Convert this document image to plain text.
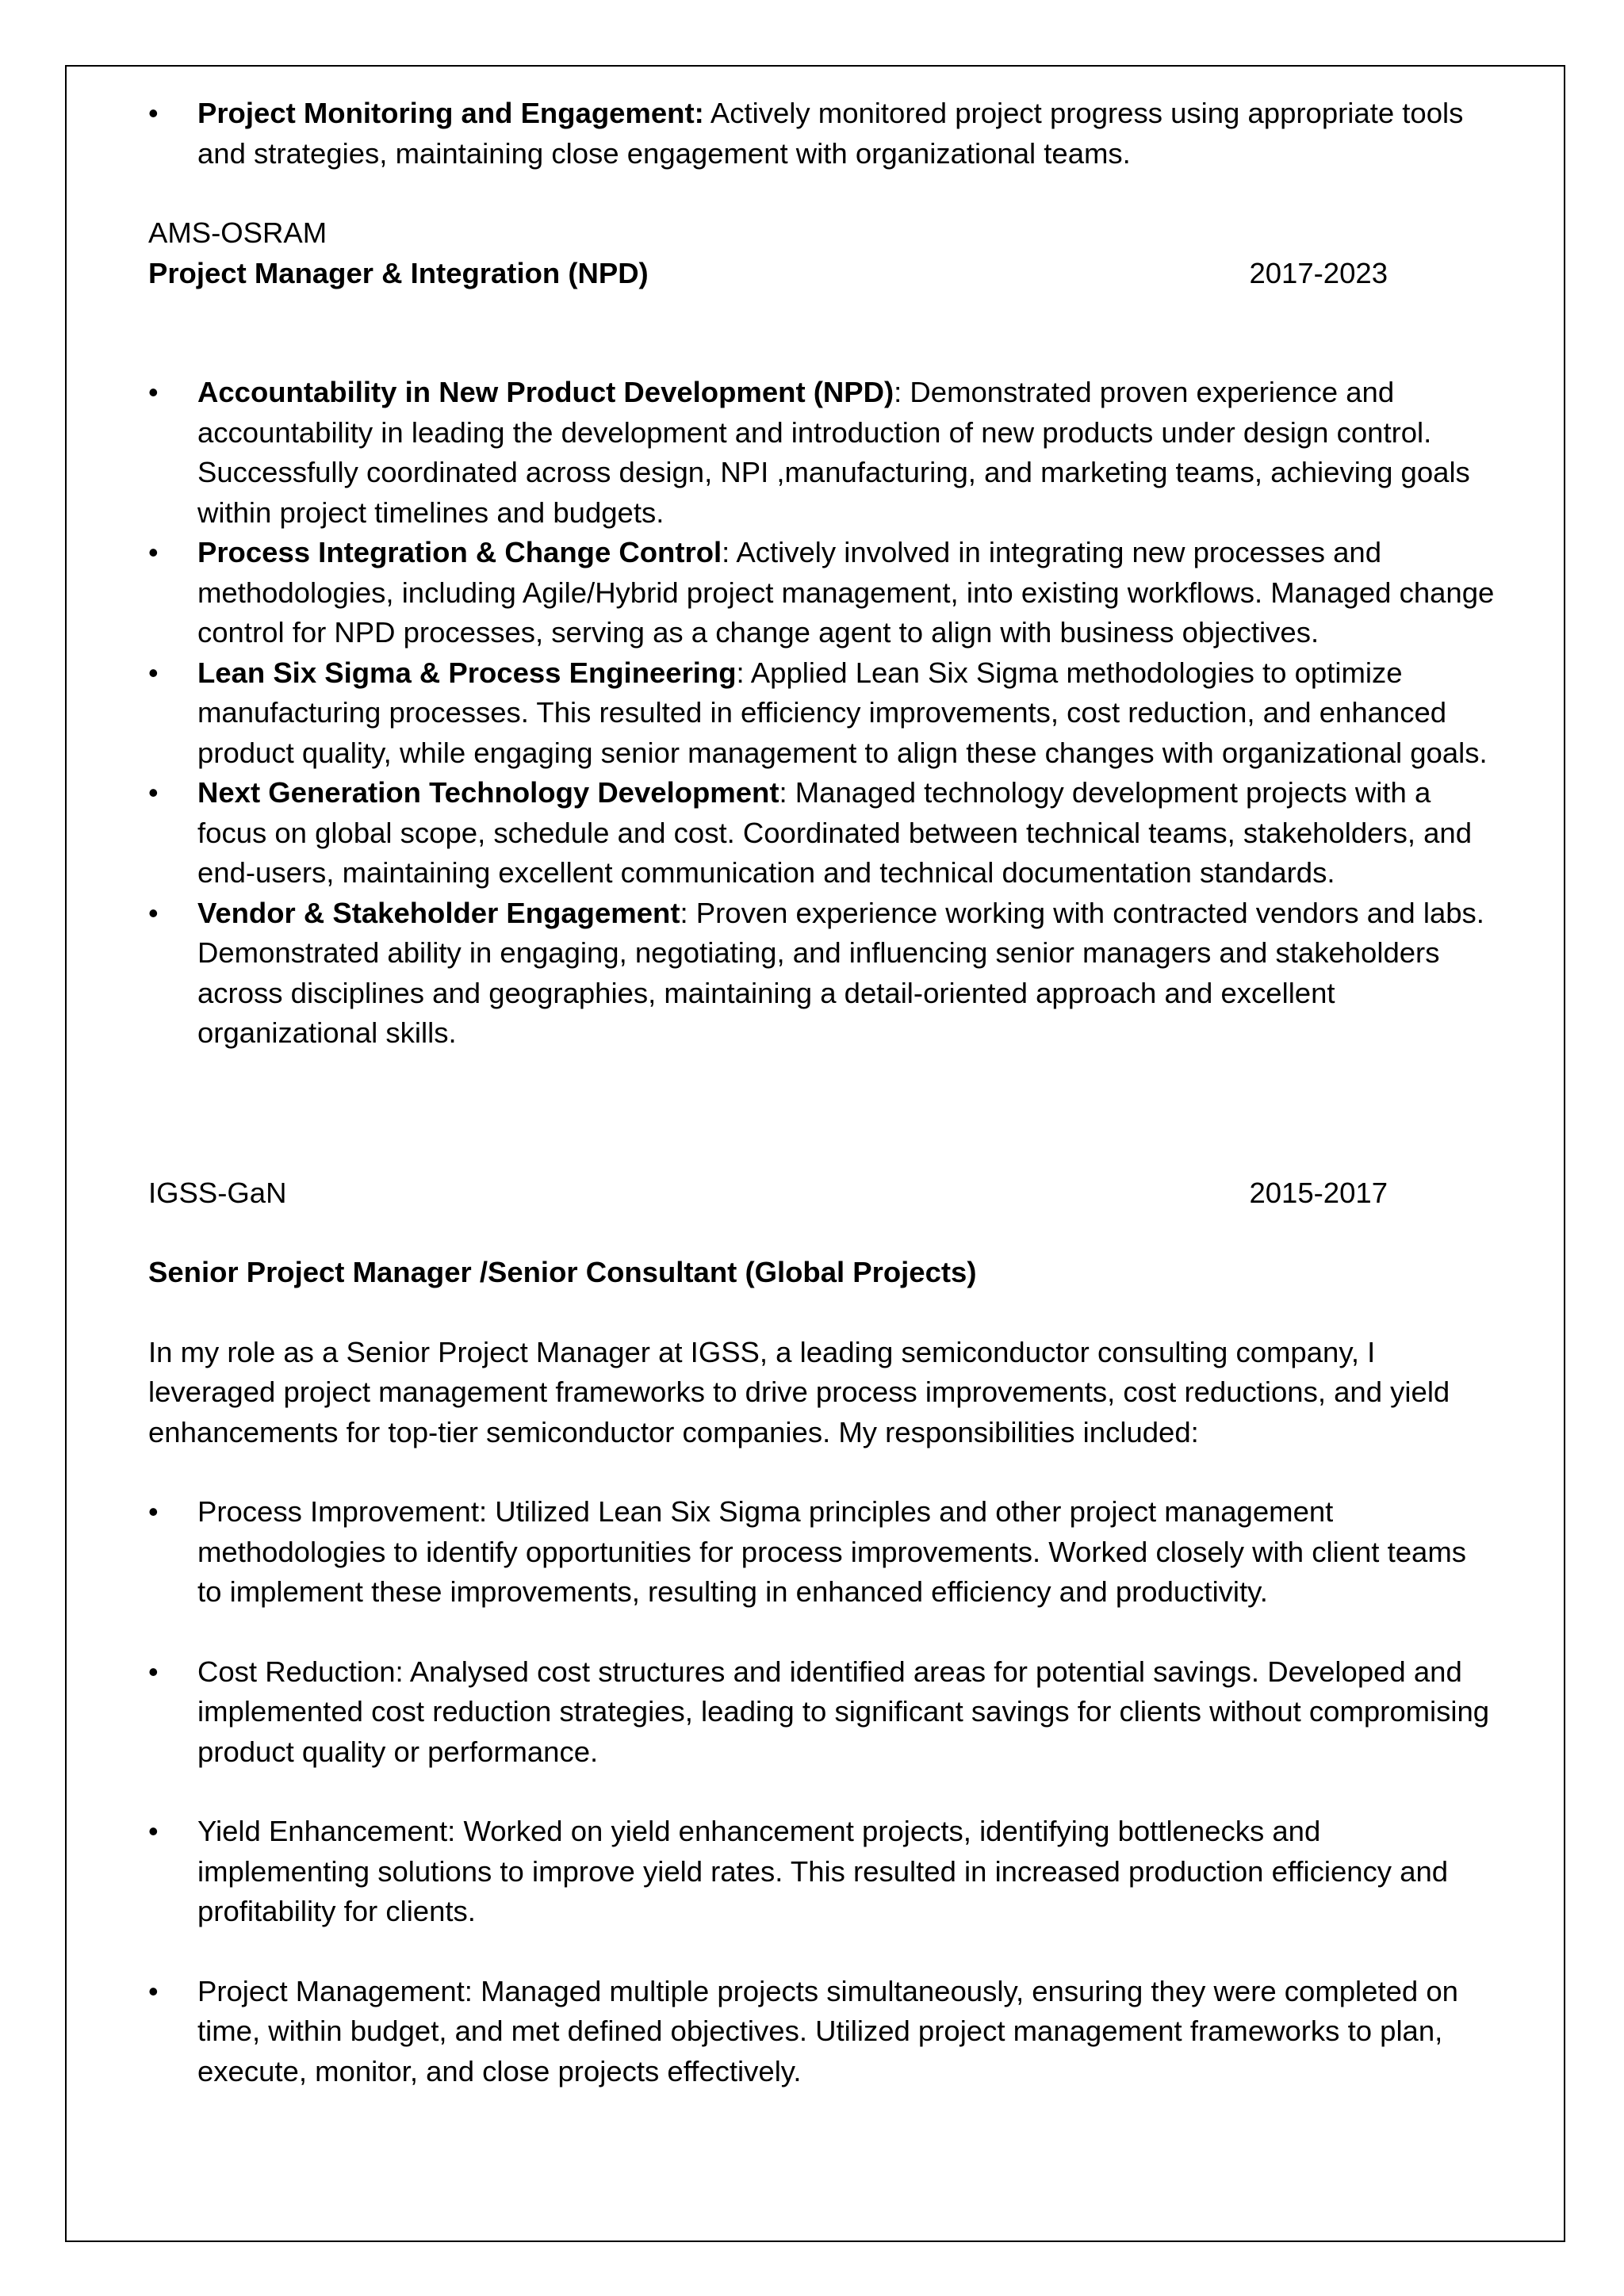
• Project Monitoring and Engagement: Actively monitored project progress using appropriate tools and strategies, maintaining close engagement with organizational teams.
AMS-OSRAM
Project Manager & Integration (NPD)	2017-2023
• Accountability in New Product Development (NPD): Demonstrated proven experience and accountability in leading the development and introduction of new products under design control. Successfully coordinated across design, NPI ,manufacturing, and marketing teams, achieving goals within project timelines and budgets.
• Process Integration & Change Control: Actively involved in integrating new processes and methodologies, including Agile/Hybrid project management, into existing workflows. Managed change control for NPD processes, serving as a change agent to align with business objectives.
• Lean Six Sigma & Process Engineering: Applied Lean Six Sigma methodologies to optimize manufacturing processes. This resulted in efficiency improvements, cost reduction, and enhanced product quality, while engaging senior management to align these changes with organizational goals.
• Next Generation Technology Development: Managed technology development projects with a focus on global scope, schedule and cost. Coordinated between technical teams, stakeholders, and end-users, maintaining excellent communication and technical documentation standards.
• Vendor & Stakeholder Engagement: Proven experience working with contracted vendors and labs. Demonstrated ability in engaging, negotiating, and influencing senior managers and stakeholders across disciplines and geographies, maintaining a detail-oriented approach and excellent organizational skills.
IGSS-GaN	2015-2017
Senior Project Manager /Senior Consultant (Global Projects)

In my role as a Senior Project Manager at IGSS, a leading semiconductor consulting company, I leveraged project management frameworks to drive process improvements, cost reductions, and yield enhancements for top-tier semiconductor companies. My responsibilities included:

• Process Improvement: Utilized Lean Six Sigma principles and other project management methodologies to identify opportunities for process improvements. Worked closely with client teams to implement these improvements, resulting in enhanced efficiency and productivity.
• Cost Reduction: Analysed cost structures and identified areas for potential savings. Developed and implemented cost reduction strategies, leading to significant savings for clients without compromising product quality or performance.
• Yield Enhancement: Worked on yield enhancement projects, identifying bottlenecks and implementing solutions to improve yield rates. This resulted in increased production efficiency and profitability for clients.
• Project Management: Managed multiple projects simultaneously, ensuring they were completed on time, within budget, and met defined objectives. Utilized project management frameworks to plan, execute, monitor, and close projects effectively.
